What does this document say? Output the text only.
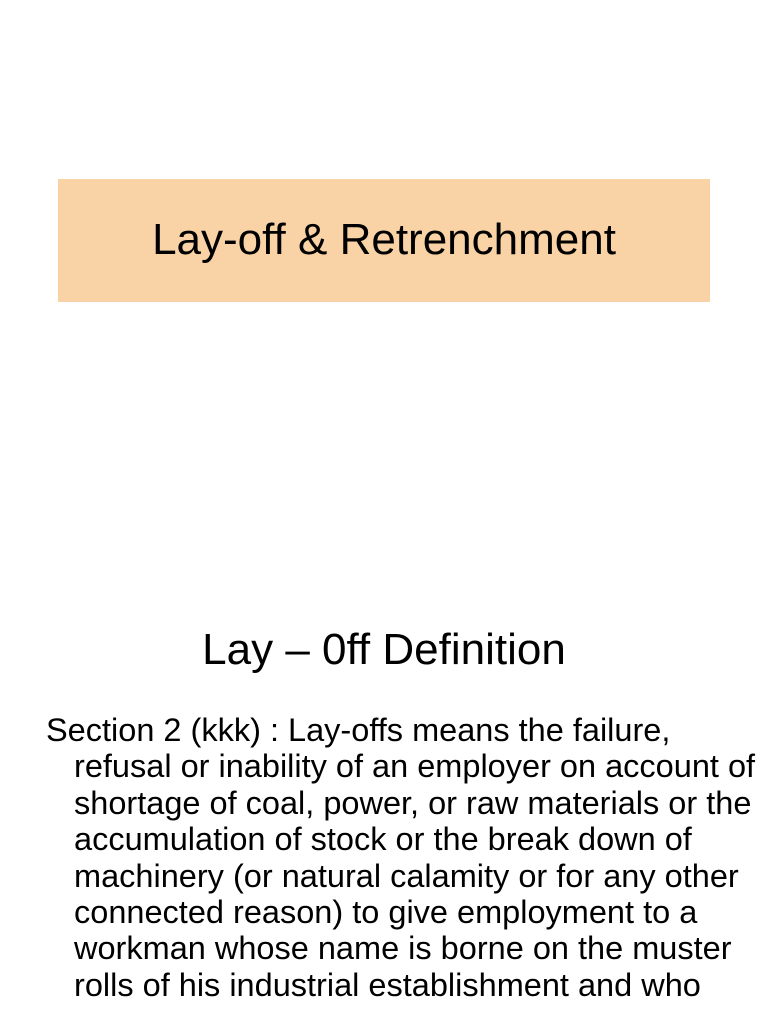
Lay-off & Retrenchment
Lay – 0ff Definition

Section 2 (kkk) : Lay-offs means the failure, refusal or inability of an employer on account of shortage of coal, power, or raw materials or the accumulation of stock or the break down of machinery (or natural calamity or for any other connected reason) to give employment to a workman whose name is borne on the muster rolls of his industrial establishment and who
